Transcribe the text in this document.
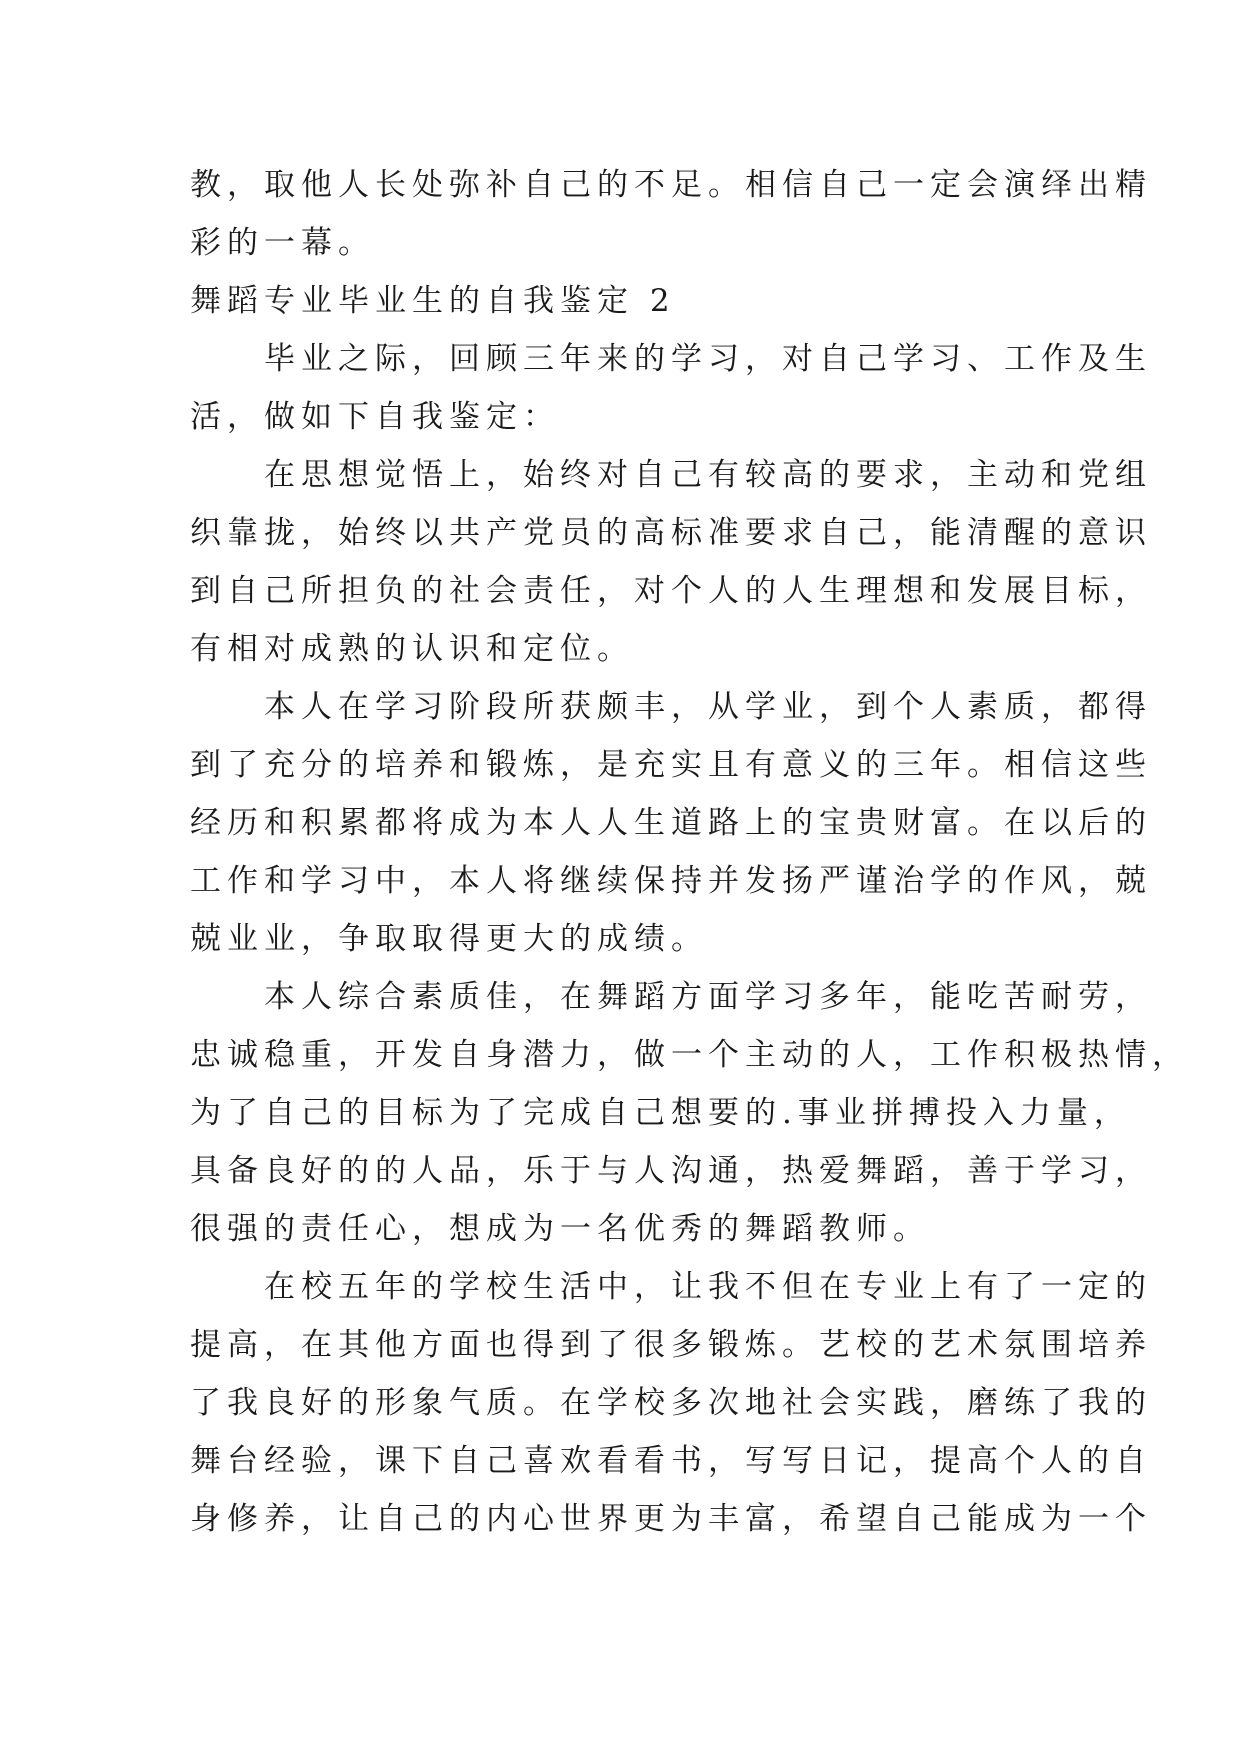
教，取他人长处弥补自己的不足。相信自己一定会演绎出精
彩的一幕。
舞蹈专业毕业生的自我鉴定 2
　　毕业之际，回顾三年来的学习，对自己学习、工作及生
活，做如下自我鉴定：
　　在思想觉悟上，始终对自己有较高的要求，主动和党组
织靠拢，始终以共产党员的高标准要求自己，能清醒的意识
到自己所担负的社会责任，对个人的人生理想和发展目标，
有相对成熟的认识和定位。
　　本人在学习阶段所获颇丰，从学业，到个人素质，都得
到了充分的培养和锻炼，是充实且有意义的三年。相信这些
经历和积累都将成为本人人生道路上的宝贵财富。在以后的
工作和学习中，本人将继续保持并发扬严谨治学的作风，兢
兢业业，争取取得更大的成绩。
　　本人综合素质佳，在舞蹈方面学习多年，能吃苦耐劳，
忠诚稳重，开发自身潜力，做一个主动的人，工作积极热情，
为了自己的目标为了完成自己想要的.事业拼搏投入力量，
具备良好的的人品，乐于与人沟通，热爱舞蹈，善于学习，
很强的责任心，想成为一名优秀的舞蹈教师。
　　在校五年的学校生活中，让我不但在专业上有了一定的
提高，在其他方面也得到了很多锻炼。艺校的艺术氛围培养
了我良好的形象气质。在学校多次地社会实践，磨练了我的
舞台经验，课下自己喜欢看看书，写写日记，提高个人的自
身修养，让自己的内心世界更为丰富，希望自己能成为一个
